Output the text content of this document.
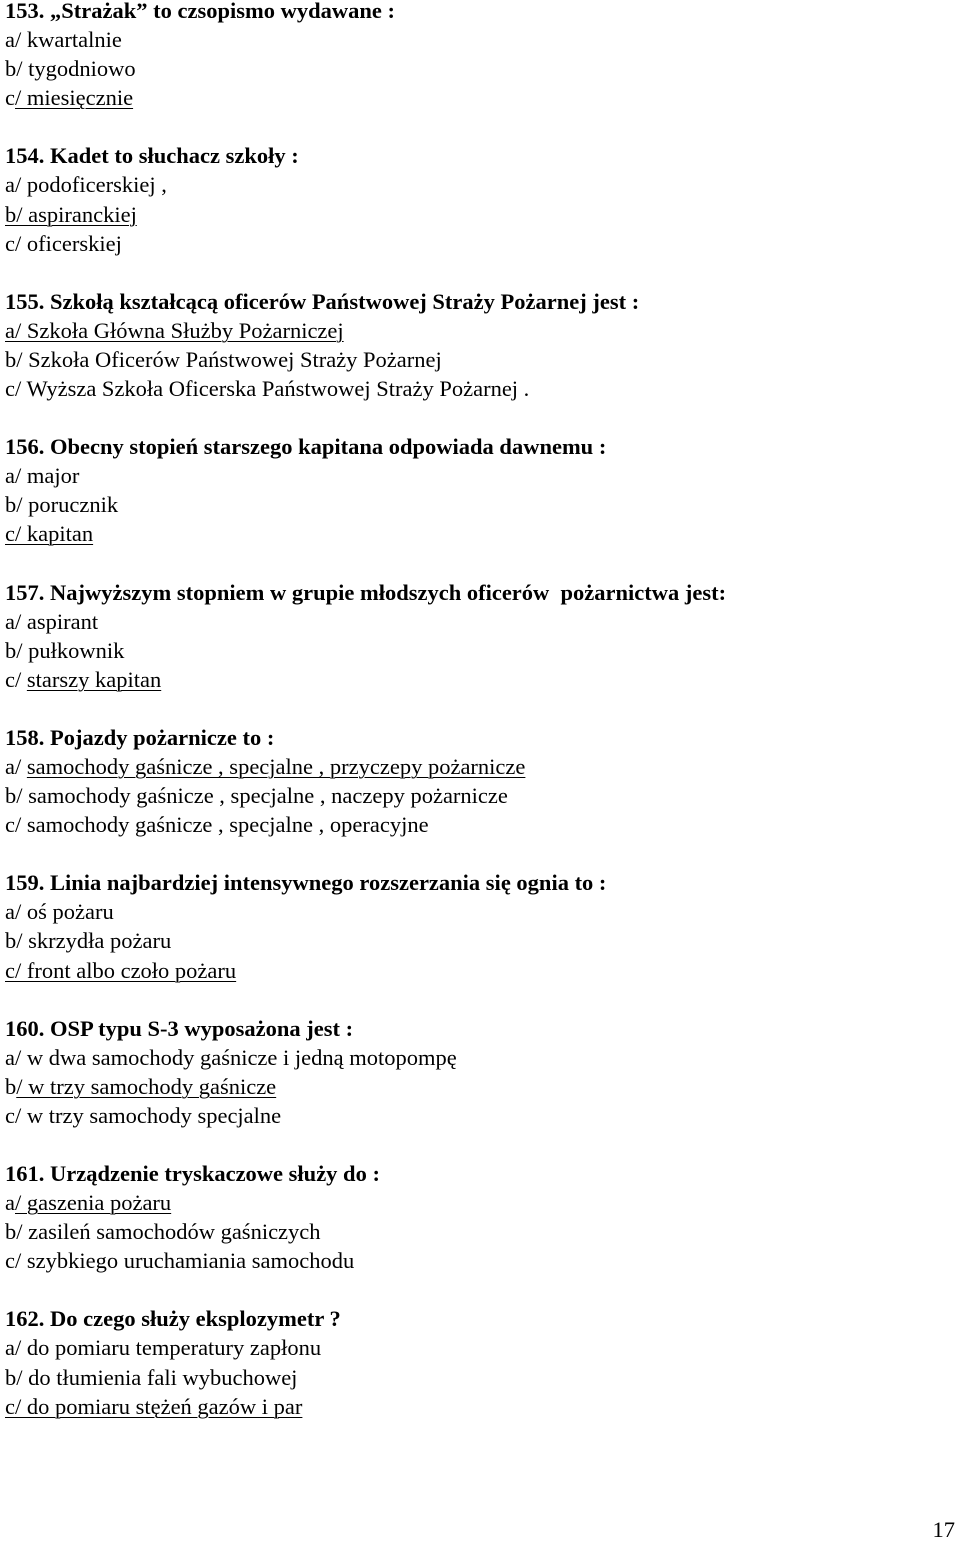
153. „Strażak” to czsopismo wydawane :
a/ kwartalnie
b/ tygodniowo
c/ miesięcznie
154. Kadet to słuchacz szkoły :
a/ podoficerskiej ,
b/ aspiranckiej
c/ oficerskiej
155. Szkołą kształcącą oficerów Państwowej Straży Pożarnej jest :
a/ Szkoła Główna Służby Pożarniczej
b/ Szkoła Oficerów Państwowej Straży Pożarnej
c/ Wyższa Szkoła Oficerska Państwowej Straży Pożarnej .
156. Obecny stopień starszego kapitana odpowiada dawnemu :
a/ major
b/ porucznik
c/ kapitan
157. Najwyższym stopniem w grupie młodszych oficerów  pożarnictwa jest:
a/ aspirant
b/ pułkownik
c/ starszy kapitan
158. Pojazdy pożarnicze to :
a/ samochody gaśnicze , specjalne , przyczepy pożarnicze
b/ samochody gaśnicze , specjalne , naczepy pożarnicze
c/ samochody gaśnicze , specjalne , operacyjne
159. Linia najbardziej intensywnego rozszerzania się ognia to :
a/ oś pożaru
b/ skrzydła pożaru
c/ front albo czoło pożaru
160. OSP typu S-3 wyposażona jest :
a/ w dwa samochody gaśnicze i jedną motopompę
b/ w trzy samochody gaśnicze
c/ w trzy samochody specjalne
161. Urządzenie tryskaczowe służy do :
a/ gaszenia pożaru
b/ zasileń samochodów gaśniczych
c/ szybkiego uruchamiania samochodu
162. Do czego służy eksplozymetr ?
a/ do pomiaru temperatury zapłonu
b/ do tłumienia fali wybuchowej
c/ do pomiaru stężeń gazów i par
17
